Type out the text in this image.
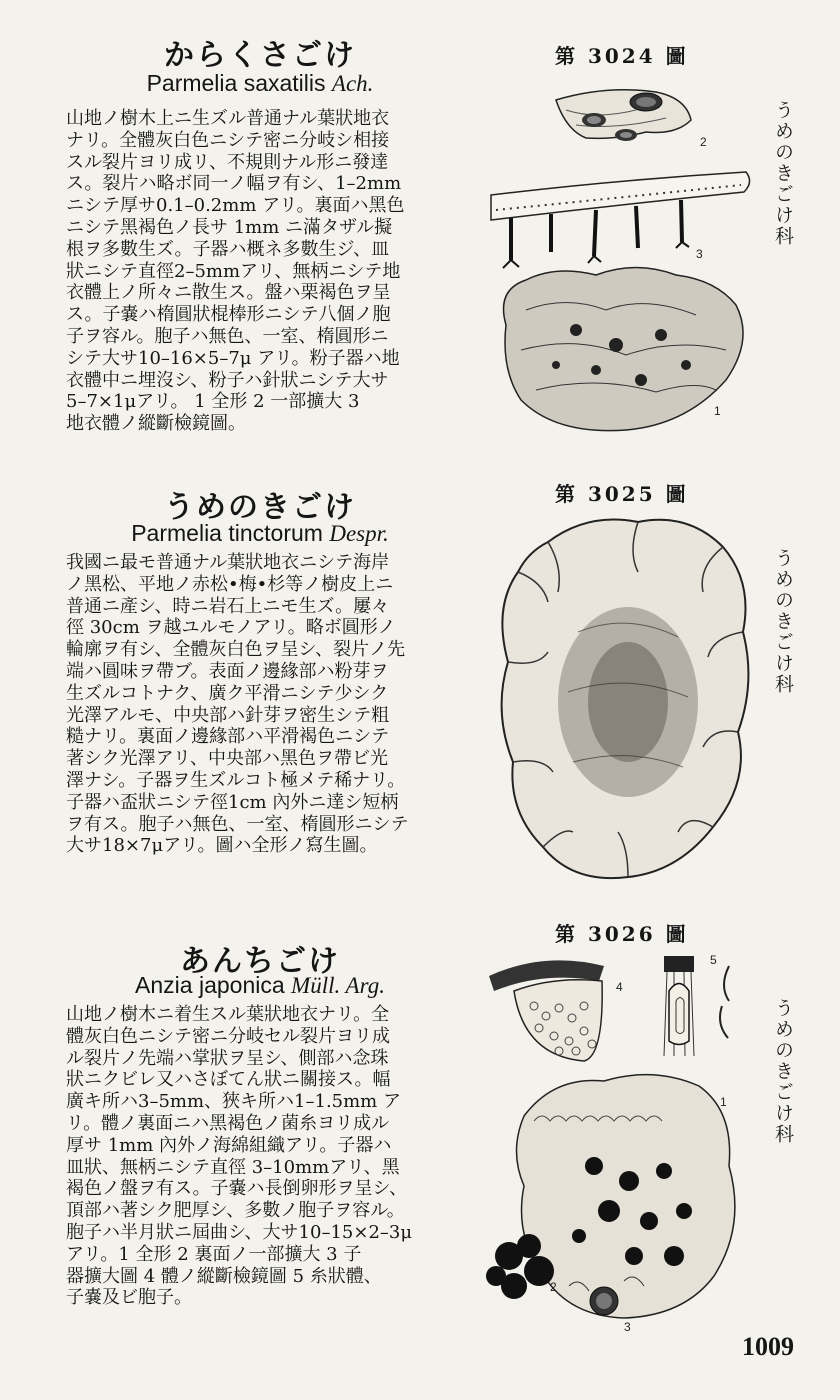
からくさごけ
Parmelia saxatilis Ach.
山地ノ樹木上ニ生ズル普通ナル葉狀地衣
ナリ。全體灰白色ニシテ密ニ分岐シ相接
スル裂片ヨリ成リ、不規則ナル形ニ發達
ス。裂片ハ略ボ同一ノ幅ヲ有シ、1–2mm
ニシテ厚サ0.1–0.2mm アリ。裏面ハ黑色
ニシテ黑褐色ノ長サ 1mm ニ滿タザル擬
根ヲ多數生ズ。子器ハ概ネ多數生ジ、皿
狀ニシテ直徑2–5mmアリ、無柄ニシテ地
衣體上ノ所々ニ散生ス。盤ハ栗褐色ヲ呈
ス。子嚢ハ楕圓狀棍棒形ニシテ八個ノ胞
子ヲ容ル。胞子ハ無色、一室、楕圓形ニ
シテ大サ10–16×5–7μ アリ。粉子器ハ地
衣體中ニ埋沒シ、粉子ハ針狀ニシテ大サ
5–7×1μアリ。 1 全形 2 一部擴大 3
地衣體ノ縱斷檢鏡圖。
第 3024 圖
うめのきごけ科
2
3
1
うめのきごけ
Parmelia tinctorum Despr.
我國ニ最モ普通ナル葉狀地衣ニシテ海岸
ノ黑松、平地ノ赤松•梅•杉等ノ樹皮上ニ
普通ニ產シ、時ニ岩石上ニモ生ズ。屢々
徑 30cm ヲ越ユルモノアリ。略ボ圓形ノ
輪廓ヲ有シ、全體灰白色ヲ呈シ、裂片ノ先
端ハ圓味ヲ帶ブ。表面ノ邊緣部ハ粉芽ヲ
生ズルコトナク、廣ク平滑ニシテ少シク
光澤アルモ、中央部ハ針芽ヲ密生シテ粗
糙ナリ。裏面ノ邊緣部ハ平滑褐色ニシテ
著シク光澤アリ、中央部ハ黑色ヲ帶ビ光
澤ナシ。子器ヲ生ズルコト極メテ稀ナリ。
子器ハ盃狀ニシテ徑1cm 內外ニ達シ短柄
ヲ有ス。胞子ハ無色、一室、楕圓形ニシテ
大サ18×7μアリ。圖ハ全形ノ寫生圖。
第 3025 圖
うめのきごけ科
あんちごけ
Anzia japonica Müll. Arg.
山地ノ樹木ニ着生スル葉狀地衣ナリ。全
體灰白色ニシテ密ニ分岐セル裂片ヨリ成
ル裂片ノ先端ハ掌狀ヲ呈シ、側部ハ念珠
狀ニクビレ又ハさぼてん狀ニ關接ス。幅
廣キ所ハ3–5mm、狹キ所ハ1–1.5mm ア
リ。體ノ裏面ニハ黑褐色ノ菌糸ヨリ成ル
厚サ 1mm 內外ノ海綿組織アリ。子器ハ
皿狀、無柄ニシテ直徑 3–10mmアリ、黑
褐色ノ盤ヲ有ス。子嚢ハ長倒卵形ヲ呈シ、
頂部ハ著シク肥厚シ、多數ノ胞子ヲ容ル。
胞子ハ半月狀ニ屆曲シ、大サ10–15×2–3μ
アリ。1 全形 2 裏面ノ一部擴大 3 子
器擴大圖 4 體ノ縱斷檢鏡圖 5 糸狀體、
子嚢及ビ胞子。
第 3026 圖
うめのきごけ科
4
5
1
2
3
1009
